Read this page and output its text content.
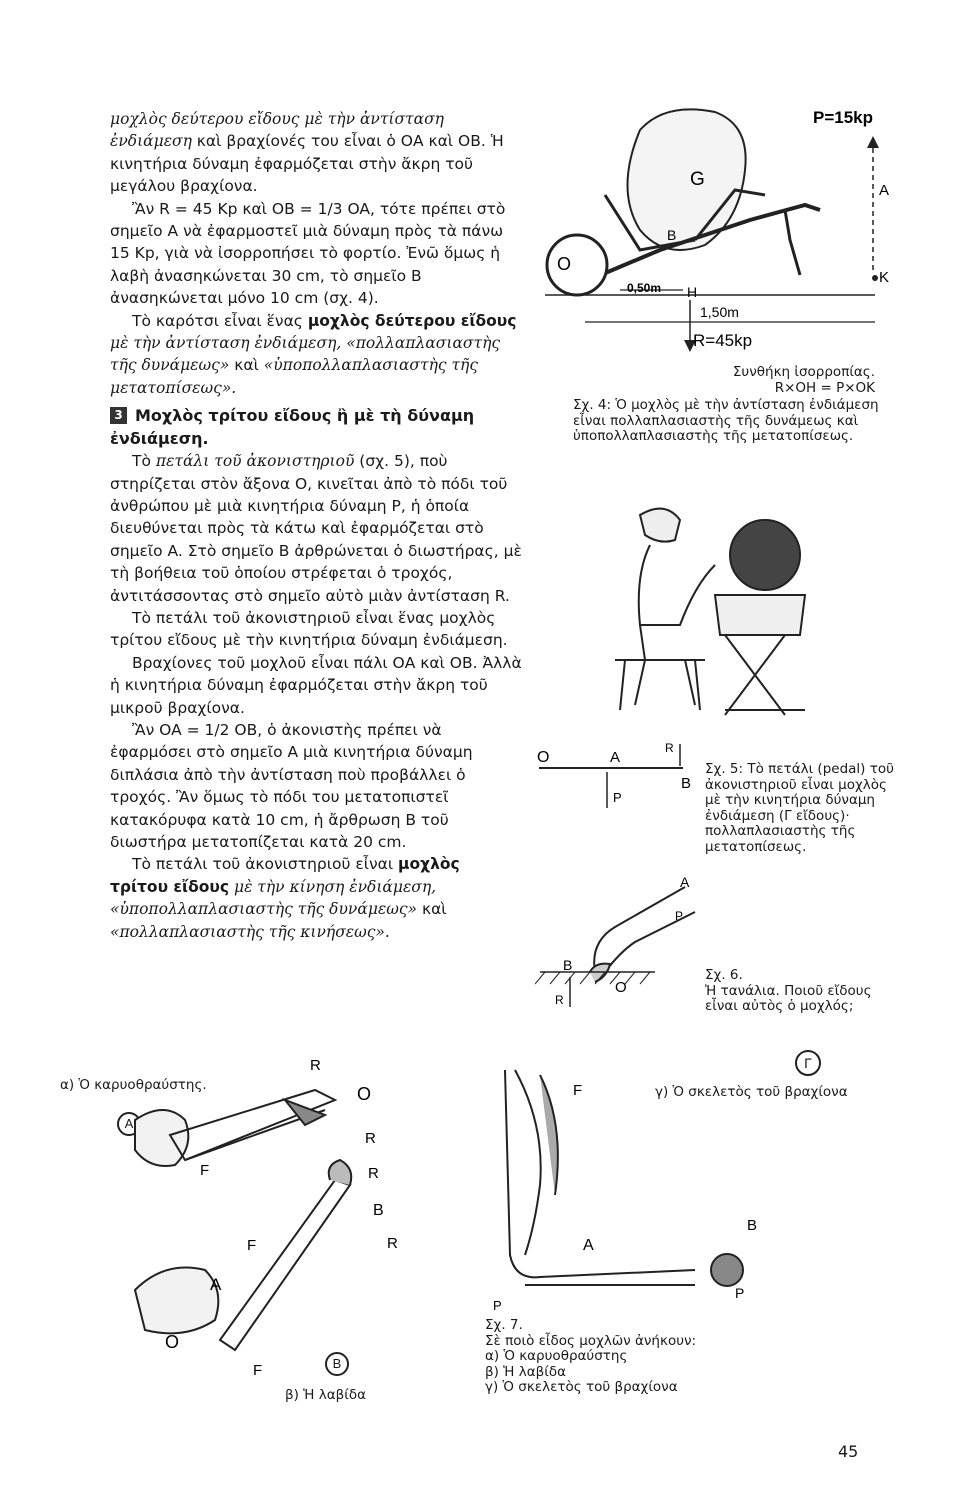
μοχλὸς δεύτερου εἴδους μὲ τὴν ἀντίσταση ἐνδιάμεση καὶ βραχίονές του εἶναι ὁ ΟΑ καὶ ΟΒ. Ἡ κινητήρια δύναμη ἐφαρμόζεται στὴν ἄκρη τοῦ μεγάλου βραχίονα.

Ἂν R = 45 Kp καὶ OB = 1/3 OA, τότε πρέπει στὸ σημεῖο A νὰ ἐφαρμοστεῖ μιὰ δύναμη πρὸς τὰ πάνω 15 Kp, γιὰ νὰ ἰσορροπήσει τὸ φορτίο. Ἐνῶ ὅμως ἡ λαβὴ ἀνασηκώνεται 30 cm, τὸ σημεῖο B ἀνασηκώνεται μόνο 10 cm (σχ. 4).

Τὸ καρότσι εἶναι ἕνας μοχλὸς δεύτερου εἴδους μὲ τὴν ἀντίσταση ἐνδιάμεση, «πολλαπλασιαστὴς τῆς δυνάμεως» καὶ «ὑποπολλαπλασιαστὴς τῆς μετατοπίσεως».

3 Μοχλὸς τρίτου εἴδους ἢ μὲ τὴ δύναμη ἐνδιάμεση.

Τὸ πετάλι τοῦ ἀκονιστηριοῦ (σχ. 5), ποὺ στηρίζεται στὸν ἄξονα O, κινεῖται ἀπὸ τὸ πόδι τοῦ ἀνθρώπου μὲ μιὰ κινητήρια δύναμη P, ἡ ὁποία διευθύνεται πρὸς τὰ κάτω καὶ ἐφαρμόζεται στὸ σημεῖο A. Στὸ σημεῖο B ἀρθρώνεται ὁ διωστήρας, μὲ τὴ βοήθεια τοῦ ὁποίου στρέφεται ὁ τροχός, ἀντιτάσσοντας στὸ σημεῖο αὐτὸ μιὰν ἀντίσταση R.

Τὸ πετάλι τοῦ ἀκονιστηριοῦ εἶναι ἕνας μοχλὸς τρίτου εἴδους μὲ τὴν κινητήρια δύναμη ἐνδιάμεση.

Βραχίονες τοῦ μοχλοῦ εἶναι πάλι ΟΑ καὶ ΟΒ. Ἀλλὰ ἡ κινητήρια δύναμη ἐφαρμόζεται στὴν ἄκρη τοῦ μικροῦ βραχίονα.

Ἂν OA = 1/2 OB, ὁ ἀκονιστὴς πρέπει νὰ ἐφαρμόσει στὸ σημεῖο A μιὰ κινητήρια δύναμη διπλάσια ἀπὸ τὴν ἀντίσταση ποὺ προβάλλει ὁ τροχός. Ἂν ὅμως τὸ πόδι του μετατοπιστεῖ κατακόρυφα κατὰ 10 cm, ἡ ἄρθρωση B τοῦ διωστήρα μετατοπίζεται κατὰ 20 cm.

Τὸ πετάλι τοῦ ἀκονιστηριοῦ εἶναι μοχλὸς τρίτου εἴδους μὲ τὴν κίνηση ἐνδιάμεση, «ὑποπολλαπλασιαστὴς τῆς δυνάμεως» καὶ «πολλαπλασιαστὴς τῆς κινήσεως».

O
G
B
H
A
K
P=15kp
0,50m
1,50m
R=45kp
Συνθήκη ἰσορροπίας.
R×OH = P×OK
Σχ. 4: Ὁ μοχλὸς μὲ τὴν ἀντίσταση ἐνδιάμεση εἶναι πολλαπλασιαστὴς τῆς δυνάμεως καὶ ὑποπολλαπλασιαστὴς τῆς μετατοπίσεως.
O	A
R
B
P
Σχ. 5: Τὸ πετάλι (pedal) τοῦ ἀκονιστηριοῦ εἶναι μοχλὸς μὲ τὴν κινητήρια δύναμη ἐνδιάμεση (Γ εἴδους)· πολλαπλασιαστὴς τῆς μετατοπίσεως.
A
P
B
O
R
Σχ. 6.
Ἡ τανάλια. Ποιοῦ εἴδους εἶναι αὐτὸς ὁ μοχλός;
α) Ὁ καρυοθραύστης.
A
R
O
R
F	R
B
R
F
A
O
F	B
β) Ἡ λαβίδα
Γ
γ) Ὁ σκελετὸς τοῦ βραχίονα
F
A
B
P
P
Σχ. 7.
Σὲ ποιὸ εἶδος μοχλῶν ἀνήκουν:
α) Ὁ καρυοθραύστης
β) Ἡ λαβίδα
γ) Ὁ σκελετὸς τοῦ βραχίονα
45
